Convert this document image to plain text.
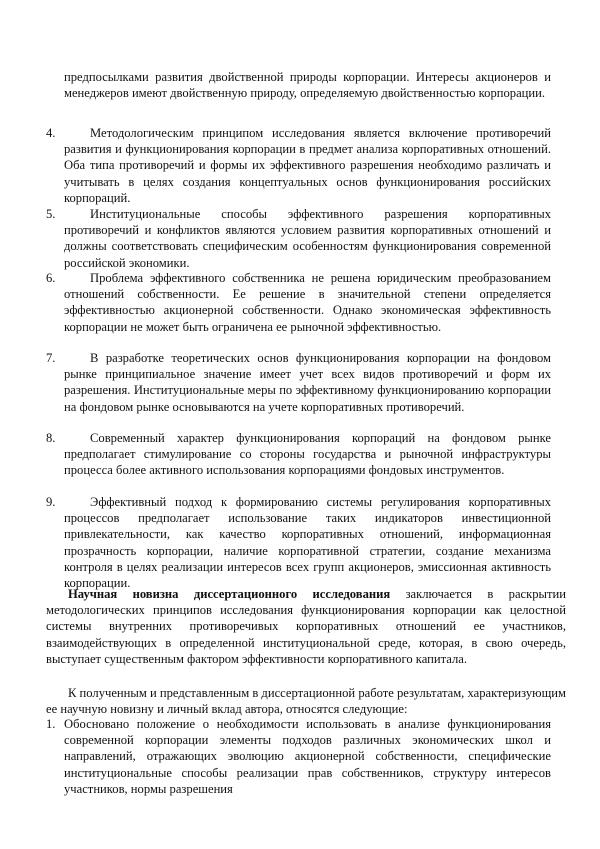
предпосылками развития двойственной природы корпорации. Интересы акционеров и менеджеров имеют двойственную природу, определяемую двойственностью корпорации.
4.	Методологическим принципом исследования является включение противоречий развития и функционирования корпорации в предмет анализа корпоративных отношений. Оба типа противоречий и формы их эффективного разрешения необходимо различать и учитывать в целях создания концептуальных основ функционирования российских корпораций.
5.	Институциональные способы эффективного разрешения корпоративных противоречий и конфликтов являются условием развития корпоративных отношений и должны соответствовать специфическим особенностям функционирования современной российской экономики.
6.	Проблема эффективного собственника не решена юридическим преобразованием отношений собственности. Ее решение в значительной степени определяется эффективностью акционерной собственности. Однако экономическая эффективность корпорации не может быть ограничена ее рыночной эффективностью.
7.	В разработке теоретических основ функционирования корпорации на фондовом рынке принципиальное значение имеет учет всех видов противоречий и форм их разрешения. Институциональные меры по эффективному функционированию корпорации на фондовом рынке основываются на учете корпоративных противоречий.
8.	Современный характер функционирования корпораций на фондовом рынке предполагает стимулирование со стороны государства и рыночной инфраструктуры процесса более активного использования корпорациями фондовых инструментов.
9.	Эффективный подход к формированию системы регулирования корпоративных процессов предполагает использование таких индикаторов инвестиционной привлекательности, как качество корпоративных отношений, информационная прозрачность корпорации, наличие корпоративной стратегии, создание механизма контроля в целях реализации интересов всех групп акционеров, эмиссионная активность корпорации.
Научная новизна диссертационного исследования заключается в раскрытии методологических принципов исследования функционирования корпорации как целостной системы внутренних противоречивых корпоративных отношений ее участников, взаимодействующих в определенной институциональной среде, которая, в свою очередь, выступает существенным фактором эффективности корпоративного капитала.
К полученным и представленным в диссертационной работе результатам, характеризующим ее научную новизну и личный вклад автора, относятся следующие:
1. Обосновано положение о необходимости использовать в анализе функционирования современной корпорации элементы подходов различных экономических школ и направлений, отражающих эволюцию акционерной собственности, специфические институциональные способы реализации прав собственников, структуру интересов участников, нормы разрешения
